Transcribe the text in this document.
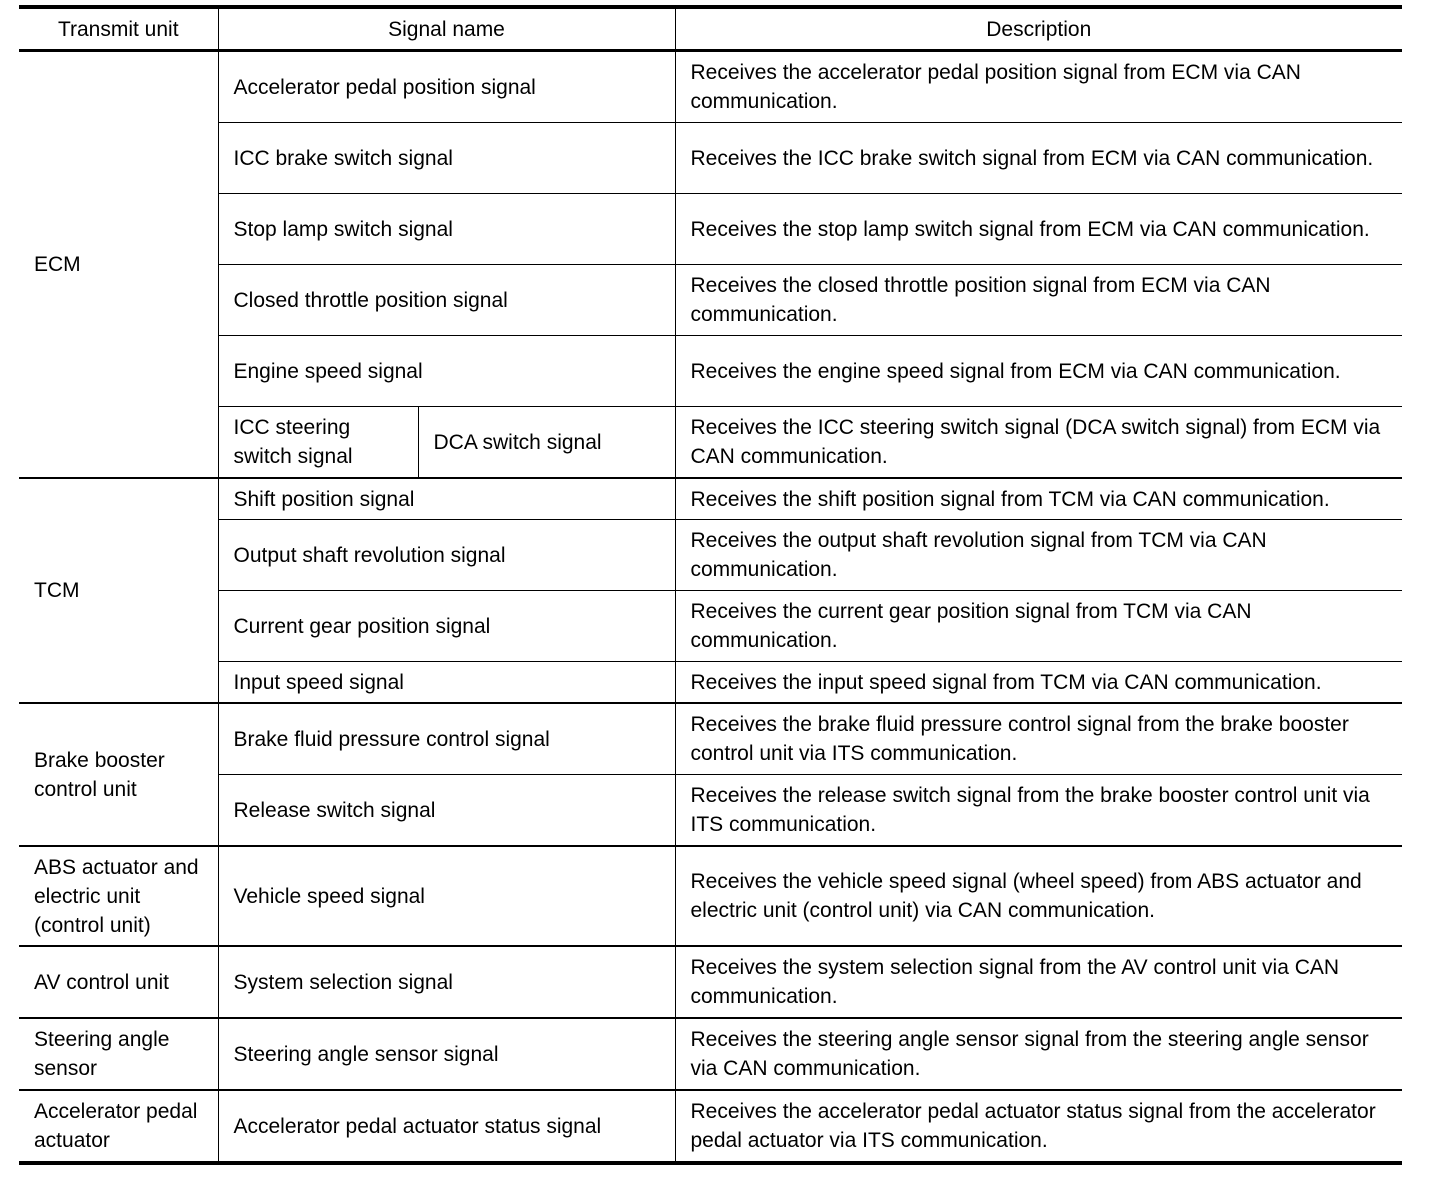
Transmit unit	Signal name		Description
ECM	Accelerator pedal position signal		Receives the accelerator pedal position signal from ECM via CAN communication.
	ICC brake switch signal		Receives the ICC brake switch signal from ECM via CAN communication.
	Stop lamp switch signal		Receives the stop lamp switch signal from ECM via CAN communication.
	Closed throttle position signal		Receives the closed throttle position signal from ECM via CAN communication.
	Engine speed signal		Receives the engine speed signal from ECM via CAN communication.
	ICC steering switch signal	DCA switch signal	Receives the ICC steering switch signal (DCA switch signal) from ECM via CAN communication.
TCM	Shift position signal		Receives the shift position signal from TCM via CAN communication.
	Output shaft revolution signal		Receives the output shaft revolution signal from TCM via CAN communication.
	Current gear position signal		Receives the current gear position signal from TCM via CAN communication.
	Input speed signal		Receives the input speed signal from TCM via CAN communication.
Brake booster control unit	Brake fluid pressure control signal		Receives the brake fluid pressure control signal from the brake booster control unit via ITS communication.
	Release switch signal		Receives the release switch signal from the brake booster control unit via ITS communication.
ABS actuator and electric unit (control unit)	Vehicle speed signal		Receives the vehicle speed signal (wheel speed) from ABS actuator and electric unit (control unit) via CAN communication.
AV control unit	System selection signal		Receives the system selection signal from the AV control unit via CAN communication.
Steering angle sensor	Steering angle sensor signal		Receives the steering angle sensor signal from the steering angle sensor via CAN communication.
Accelerator pedal actuator	Accelerator pedal actuator status signal		Receives the accelerator pedal actuator status signal from the accelerator pedal actuator via ITS communication.
